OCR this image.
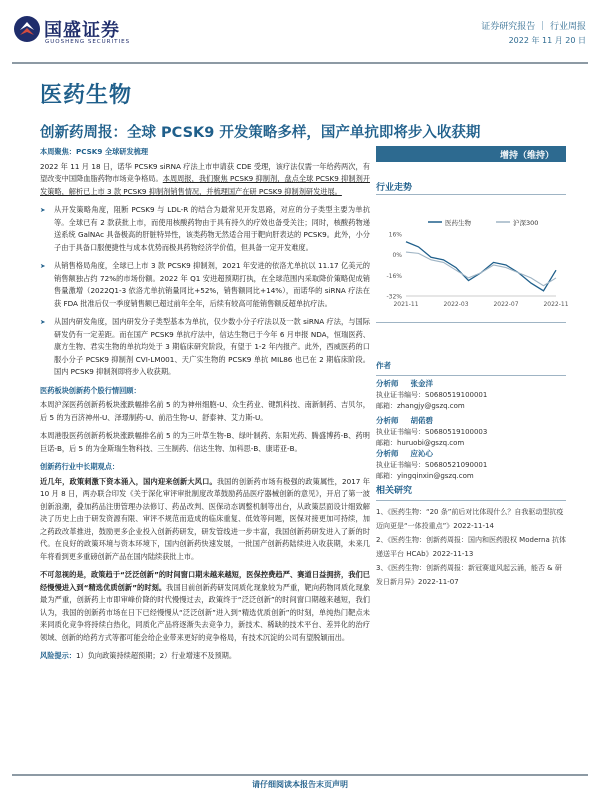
国盛证券
GUOSHENG SECURITIES
证券研究报告 ｜ 行业周报
2022 年 11 月 20 日
医药生物
创新药周报：全球 PCSK9 开发策略多样，国产单抗即将步入收获期

本周聚焦：PCSK9 全球研发梳理

2022 年 11 月 18 日，诺华 PCSK9 siRNA 疗法上市申请获 CDE 受理，该疗法仅需一年给药两次，有望改变中国降血脂药物市场竞争格局。本周周报，我们聚焦 PCSK9 抑制剂，盘点全球 PCSK9 抑制剂开发策略，解析已上市 3 款 PCSK9 抑制剂销售情况，并梳理国产在研 PCSK9 抑制剂研发进展。

➤ 从开发策略角度，阻断 PCSK9 与 LDL-R 的结合为最常见开发思路，对应的分子类型主要为单抗等。全球已有 2 款获批上市，而使用核酸药物由于具有持久的疗效也备受关注；同时，核酸药物递送系统 GalNAc 具备极高的肝脏特异性，该类药物无然适合用于靶向肝表达的 PCSK9。此外，小分子由于具备口服便捷性与成本优势而极具药物经济学价值，但具备一定开发难度。
➤ 从销售格局角度，全球已上市 3 款 PCSK9 抑制剂，2021 年安进的依洛尤单抗以 11.17 亿美元的销售额独占约 72%的市场份额。2022 年 Q1 安进超预期打执，在全球范围内采取降价策略促成销售量激增（2022Q1-3 依洛尤单抗销量同比+52%，销售额同比+14%），而诺华的 siRNA 疗法在获 FDA 批准后仅一季度销售额已超过前年全年，后续有较高可能销售额反超单抗疗法。
➤ 从国内研发角度，国内研发分子类型基本为单抗，仅少数小分子疗法以及一款 siRNA 疗法，与国际研发仍有一定差距。而在国产 PCSK9 单抗疗法中，信达生物已于今年 6 月申报 NDA，恒瑞医药、康方生物、君实生物的单抗均处于 3 期临床研究阶段，有望于 1-2 年内报产。此外，西威医药的口服小分子 PCSK9 抑制剂 CVI-LM001、天广实生物的 PCSK9 单抗 MIL86 也已在 2 期临床阶段。国内 PCSK9 抑制剂即将步入收获期。

医药板块创新药个股行情回顾：

本周沪深医药创新药板块涨跌幅排名前 5 的为神州细胞-U、众生药业、键凯科技、南新制药、吉贝尔，后 5 的为百济神州-U、泽璟制药-U、前沿生物-U、舒泰神、艾力斯-U。

本周港股医药创新药板块涨跌幅排名前 5 的为三叶草生物-B、绿叶制药、东阳光药、腾盛博药-B、药明巨诺-B，后 5 的为金斯瑞生物科技、三生制药、信达生物、加科思-B、康诺亚-B。

创新药行业中长期观点：

近几年，政策刺激下资本涌入，国内迎来创新大风口。我国的创新药市场有极强的政策属性，2017 年 10 月 8 日，两办联合印发《关于深化审评审批制度改革鼓励药品医疗器械创新的意见》，开启了第一波创新浪潮，叠加药品注册管理办法修订、药品改判、医保动态调整机制等出台，从政策层面设计细致解决了历史上由于研发资源有限、审评不规范而造成的临床重复、低效等问题，医保对接更加可持续，加之药政改革推进，鼓励更多企业投入创新药研发，研发管线进一步丰富，我国创新药研发进入了新的时代。在良好的政策环境与资本环境下，国内创新药快速发展，一批国产创新药陆续进入收获期，未来几年将看到更多重磅创新产品在国内陆续获批上市。

不可忽视的是，政策趋于“泛泛创新”的时间窗口期未越来越短，医保控费趋严、赛道日益拥挤，我们已经慢慢进入到“精选优质创新”的时刻。我国目前创新药研发同质化现象较为严重，靶向药物同质化现象最为严重，创新药上市即审峰价降的时代慢慢过去，政策终于“泛泛创新”的时间窗口期越来越短，我们认为，我国的创新药市场在日下已经慢慢从“泛泛创新”进入到“精选优质创新”的时刻，单纯热门靶点未来同质化竞争将持续白热化，同质化产品将逐渐失去竞争力，新技术、稀缺的技术平台、差异化的治疗领域、创新的给药方式等都可能会给企业带来更好的竞争格局，有技术沉淀的公司有望脱颖而出。

风险提示：1）负向政策持续超预期；2）行业增速不及预期。

增持（维持）
行业走势
医药生物	沪深300
16%
0%
-16%
-32%
2021-11	2022-03	2022-07	2022-11
作者
分析师 张金洋
执业证书编号：S0680519100001
邮箱：zhangjy@gszq.com
分析师 胡偌碧
执业证书编号：S0680519100003
邮箱：huruobi@gszq.com
分析师 应沁心
执业证书编号：S0680521090001
邮箱：yingqinxin@gszq.com
相关研究
1、《医药生物：“20 条”前后对比体现什么？自我驱动型抗疫迈向更是“一体投重点”》2022-11-14
2、《医药生物：创新药周报：国内和医药股权 Moderna 抗体递送平台 HCAb》2022-11-13
3、《医药生物：创新药周报：新冠赛道风起云涌，能否 & 研发日新月异》2022-11-07
请仔细阅读本报告末页声明
